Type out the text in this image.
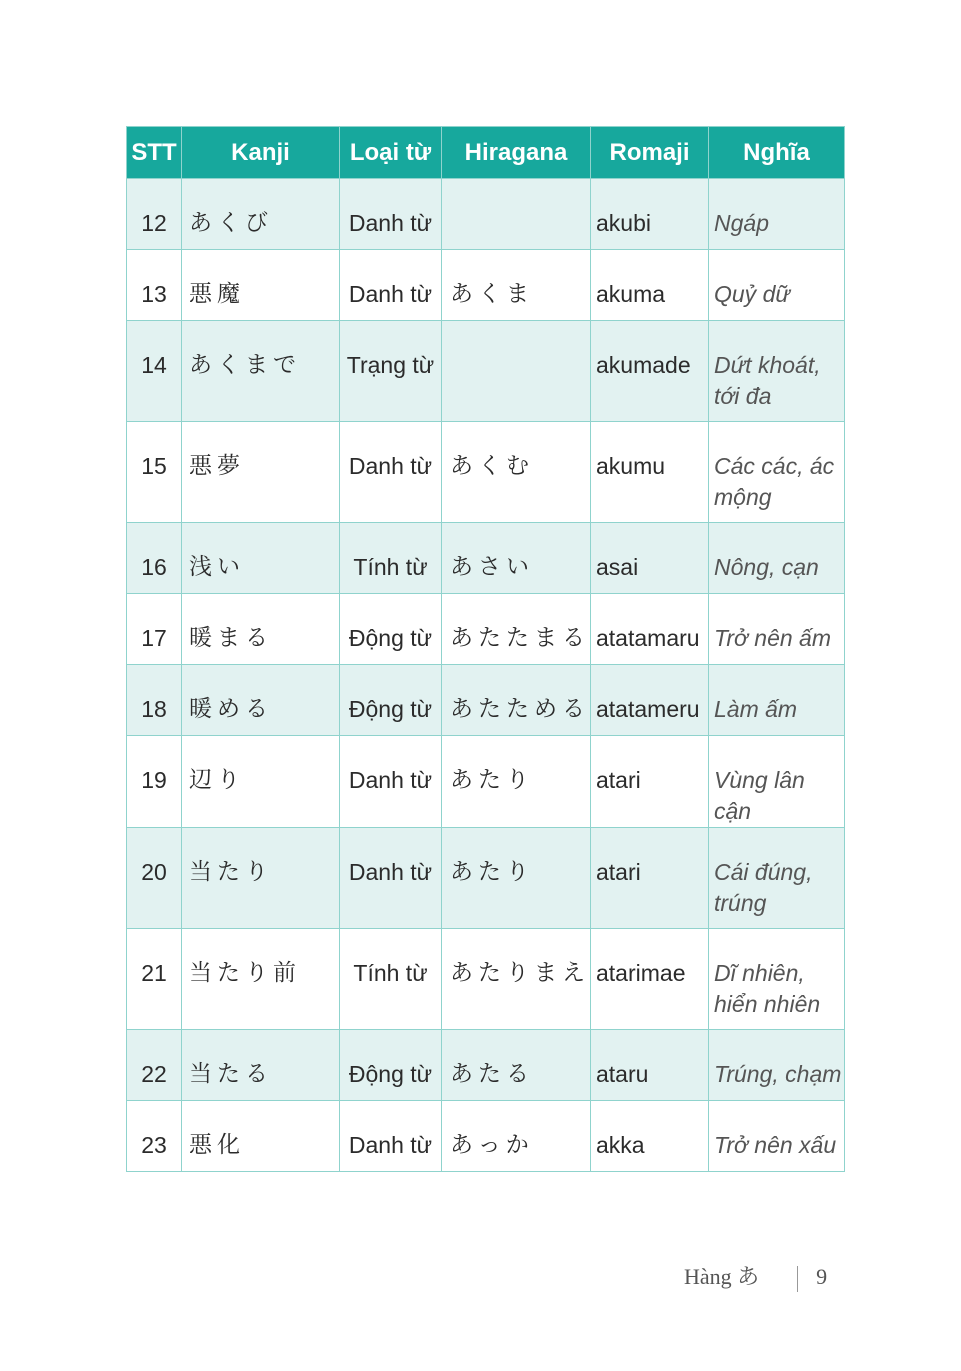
STT	Kanji	Loại từ	Hiragana	Romaji	Nghĩa
12	あくび	Danh từ		akubi	Ngáp
13	悪魔	Danh từ	あくま	akuma	Quỷ dữ
14	あくまで	Trạng từ		akumade	Dứt khoát, tới đa
15	悪夢	Danh từ	あくむ	akumu	Các các, ác mộng
16	浅い	Tính từ	あさい	asai	Nông, cạn
17	暖まる	Động từ	あたたまる	atatamaru	Trở nên ấm
18	暖める	Động từ	あたためる	atatameru	Làm ấm
19	辺り	Danh từ	あたり	atari	Vùng lân cận
20	当たり	Danh từ	あたり	atari	Cái đúng, trúng
21	当たり前	Tính từ	あたりまえ	atarimae	Dĩ nhiên, hiển nhiên
22	当たる	Động từ	あたる	ataru	Trúng, chạm
23	悪化	Danh từ	あっか	akka	Trở nên xấu
Hàng あ	9
